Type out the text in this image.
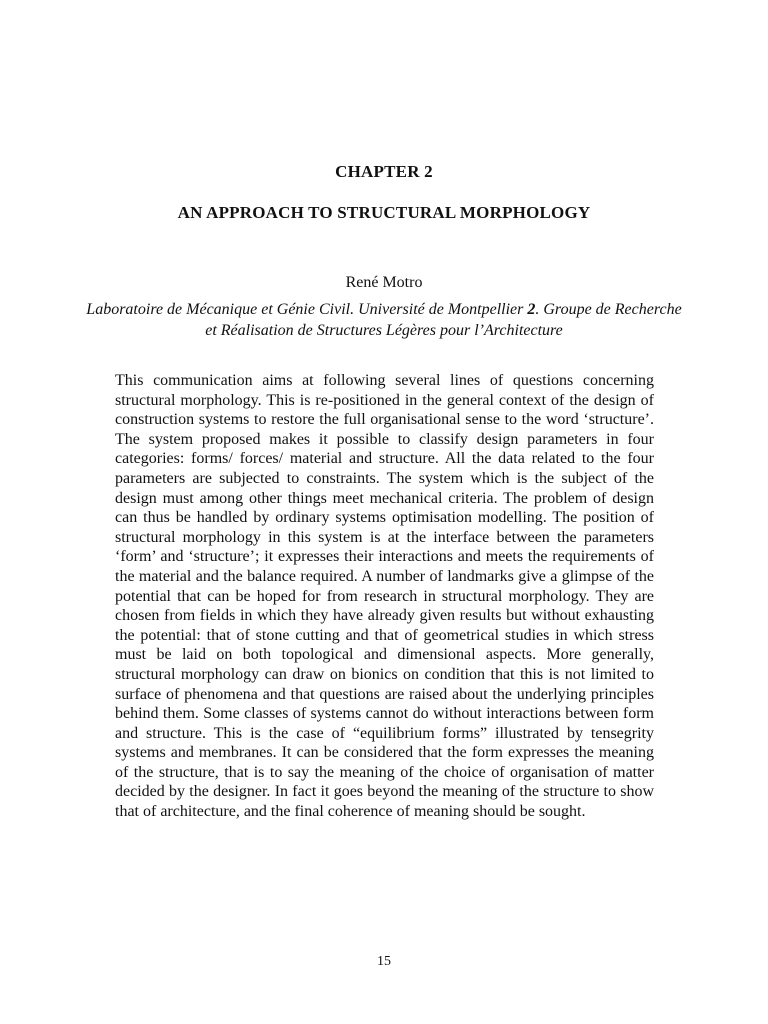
CHAPTER 2
AN APPROACH TO STRUCTURAL MORPHOLOGY
René Motro
Laboratoire de Mécanique et Génie Civil. Université de Montpellier 2. Groupe de Recherche et Réalisation de Structures Légères pour l’Architecture
This communication aims at following several lines of questions concerning structural morphology. This is re-positioned in the general context of the design of construction systems to restore the full organisational sense to the word ‘structure’. The system proposed makes it possible to classify design parameters in four categories: forms/ forces/ material and structure. All the data related to the four parameters are subjected to constraints. The system which is the subject of the design must among other things meet mechanical criteria. The problem of design can thus be handled by ordinary systems optimisation modelling. The position of structural morphology in this system is at the interface between the parameters ‘form’ and ‘structure’; it expresses their interactions and meets the requirements of the material and the balance required. A number of landmarks give a glimpse of the potential that can be hoped for from research in structural morphology. They are chosen from fields in which they have already given results but without exhausting the potential: that of stone cutting and that of geometrical studies in which stress must be laid on both topological and dimensional aspects. More generally, structural morphology can draw on bionics on condition that this is not limited to surface of phenomena and that questions are raised about the underlying principles behind them. Some classes of systems cannot do without interactions between form and structure. This is the case of “equilibrium forms” illustrated by tensegrity systems and membranes. It can be considered that the form expresses the meaning of the structure, that is to say the meaning of the choice of organisation of matter decided by the designer. In fact it goes beyond the meaning of the structure to show that of architecture, and the final coherence of meaning should be sought.
15
